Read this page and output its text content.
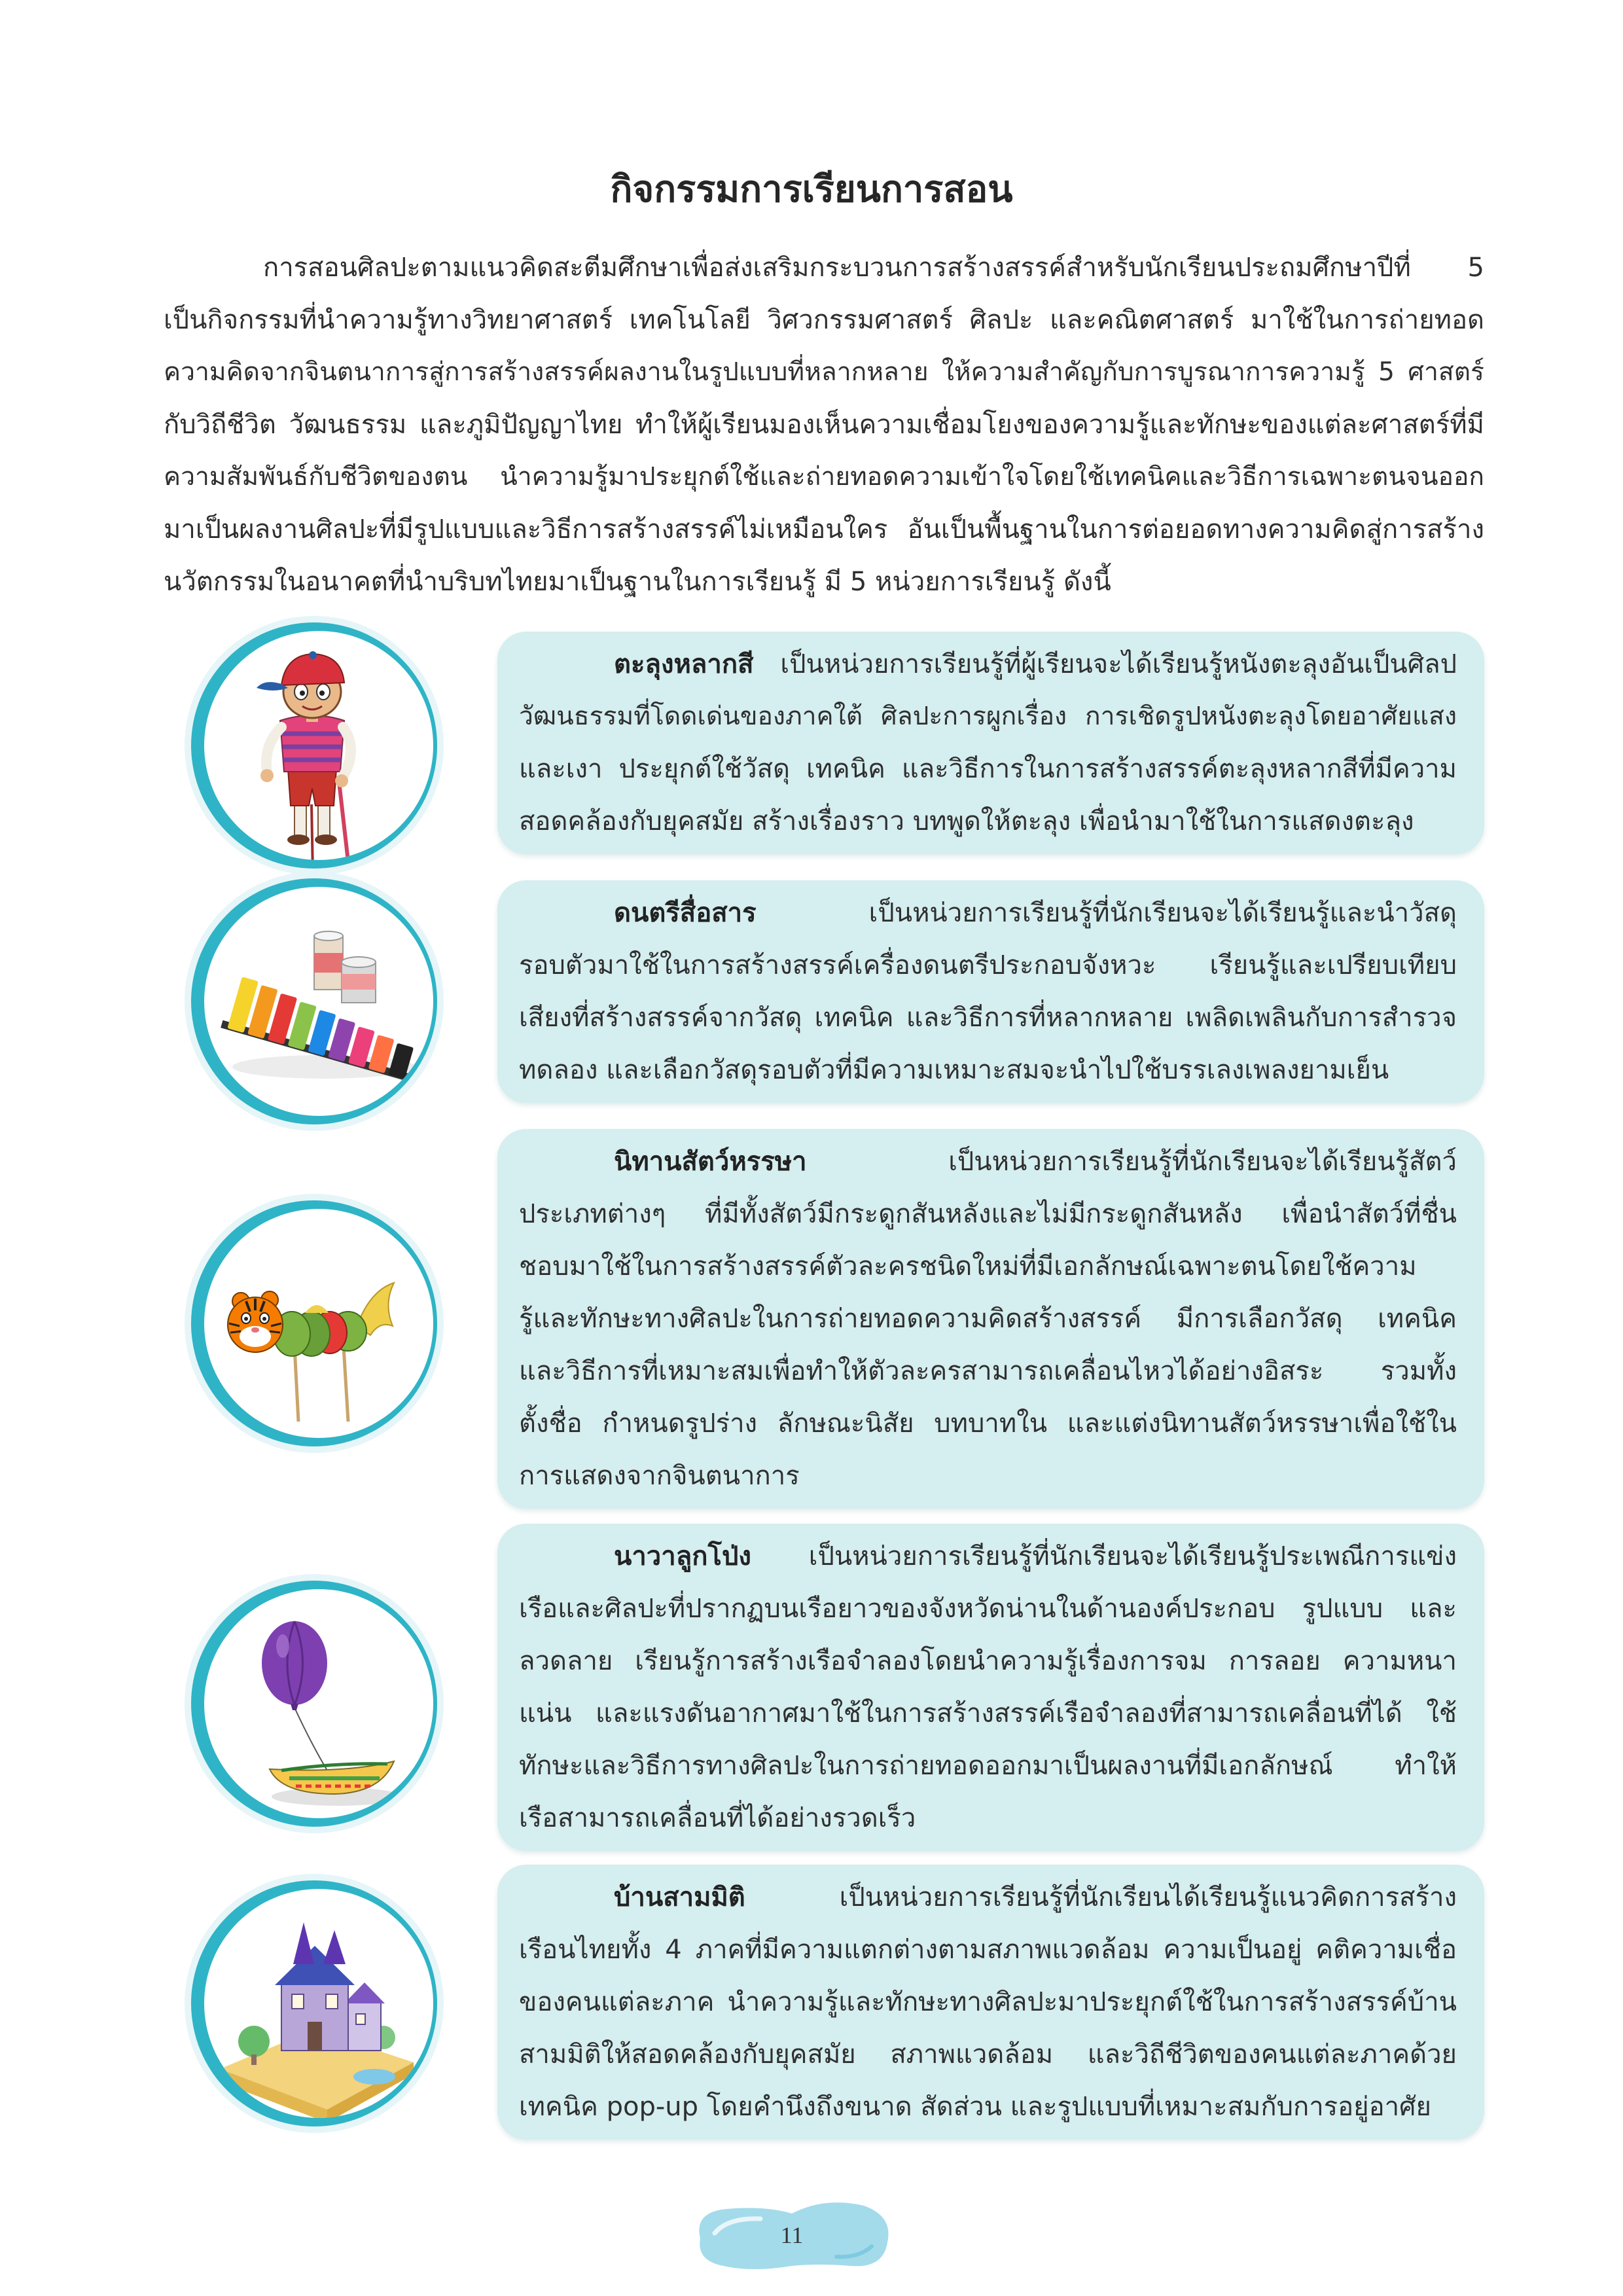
กิจกรรมการเรียนการสอน
การสอนศิลปะตามแนวคิดสะตีมศึกษาเพื่อส่งเสริมกระบวนการสร้างสรรค์สำหรับนักเรียนประถมศึกษาปีที่ 5
เป็นกิจกรรมที่นำความรู้ทางวิทยาศาสตร์ เทคโนโลยี วิศวกรรมศาสตร์ ศิลปะ และคณิตศาสตร์ มาใช้ในการถ่ายทอด
ความคิดจากจินตนาการสู่การสร้างสรรค์ผลงานในรูปแบบที่หลากหลาย ให้ความสำคัญกับการบูรณาการความรู้ 5 ศาสตร์
กับวิถีชีวิต วัฒนธรรม และภูมิปัญญาไทย ทำให้ผู้เรียนมองเห็นความเชื่อมโยงของความรู้และทักษะของแต่ละศาสตร์ที่มี
ความสัมพันธ์กับชีวิตของตน นำความรู้มาประยุกต์ใช้และถ่ายทอดความเข้าใจโดยใช้เทคนิคและวิธีการเฉพาะตนจนออก
มาเป็นผลงานศิลปะที่มีรูปแบบและวิธีการสร้างสรรค์ไม่เหมือนใคร อันเป็นพื้นฐานในการต่อยอดทางความคิดสู่การสร้าง
นวัตกรรมในอนาคตที่นำบริบทไทยมาเป็นฐานในการเรียนรู้ มี 5 หน่วยการเรียนรู้ ดังนี้
ตะลุงหลากสี เป็นหน่วยการเรียนรู้ที่ผู้เรียนจะได้เรียนรู้หนังตะลุงอันเป็นศิลป
วัฒนธรรมที่โดดเด่นของภาคใต้ ศิลปะการผูกเรื่อง การเชิดรูปหนังตะลุงโดยอาศัยแสง
และเงา ประยุกต์ใช้วัสดุ เทคนิค และวิธีการในการสร้างสรรค์ตะลุงหลากสีที่มีความ
สอดคล้องกับยุคสมัย สร้างเรื่องราว บทพูดให้ตะลุง เพื่อนำมาใช้ในการแสดงตะลุง
ดนตรีสื่อสาร	เป็นหน่วยการเรียนรู้ที่นักเรียนจะได้เรียนรู้และนำวัสดุ
รอบตัวมาใช้ในการสร้างสรรค์เครื่องดนตรีประกอบจังหวะ เรียนรู้และเปรียบเทียบ
เสียงที่สร้างสรรค์จากวัสดุ เทคนิค และวิธีการที่หลากหลาย เพลิดเพลินกับการสำรวจ
ทดลอง และเลือกวัสดุรอบตัวที่มีความเหมาะสมจะนำไปใช้บรรเลงเพลงยามเย็น
นิทานสัตว์หรรษา	เป็นหน่วยการเรียนรู้ที่นักเรียนจะได้เรียนรู้สัตว์
ประเภทต่างๆ ที่มีทั้งสัตว์มีกระดูกสันหลังและไม่มีกระดูกสันหลัง เพื่อนำสัตว์ที่ชื่น
ชอบมาใช้ในการสร้างสรรค์ตัวละครชนิดใหม่ที่มีเอกลักษณ์เฉพาะตนโดยใช้ความ
รู้และทักษะทางศิลปะในการถ่ายทอดความคิดสร้างสรรค์ มีการเลือกวัสดุ เทคนิค
และวิธีการที่เหมาะสมเพื่อทำให้ตัวละครสามารถเคลื่อนไหวได้อย่างอิสระ รวมทั้ง
ตั้งชื่อ กำหนดรูปร่าง ลักษณะนิสัย บทบาทใน และแต่งนิทานสัตว์หรรษาเพื่อใช้ใน
การแสดงจากจินตนาการ
นาวาลูกโป่ง เป็นหน่วยการเรียนรู้ที่นักเรียนจะได้เรียนรู้ประเพณีการแข่ง
เรือและศิลปะที่ปรากฏบนเรือยาวของจังหวัดน่านในด้านองค์ประกอบ รูปแบบ และ
ลวดลาย เรียนรู้การสร้างเรือจำลองโดยนำความรู้เรื่องการจม การลอย ความหนา
แน่น และแรงดันอากาศมาใช้ในการสร้างสรรค์เรือจำลองที่สามารถเคลื่อนที่ได้ ใช้
ทักษะและวิธีการทางศิลปะในการถ่ายทอดออกมาเป็นผลงานที่มีเอกลักษณ์ ทำให้
เรือสามารถเคลื่อนที่ได้อย่างรวดเร็ว
บ้านสามมิติ	เป็นหน่วยการเรียนรู้ที่นักเรียนได้เรียนรู้แนวคิดการสร้าง
เรือนไทยทั้ง 4 ภาคที่มีความแตกต่างตามสภาพแวดล้อม ความเป็นอยู่ คติความเชื่อ
ของคนแต่ละภาค นำความรู้และทักษะทางศิลปะมาประยุกต์ใช้ในการสร้างสรรค์บ้าน
สามมิติให้สอดคล้องกับยุคสมัย สภาพแวดล้อม และวิถีชีวิตของคนแต่ละภาคด้วย
เทคนิค pop-up โดยคำนึงถึงขนาด สัดส่วน และรูปแบบที่เหมาะสมกับการอยู่อาศัย
11
